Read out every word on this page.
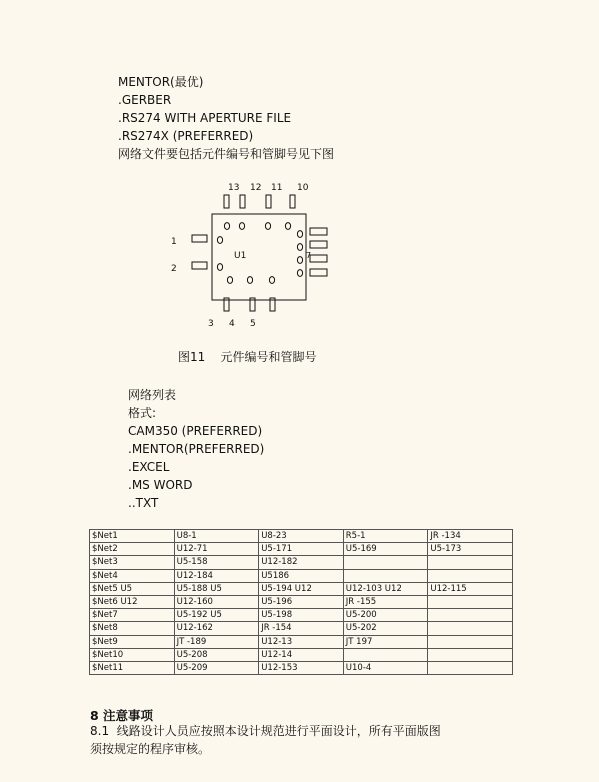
MENTOR(最优)
.GERBER
.RS274 WITH APERTURE FILE
.RS274X (PREFERRED)
网络文件要包括元件编号和管脚号见下图
13 12 11 10
1
2
3 4 5
7
U1
图11    元件编号和管脚号
网络列表
格式:
CAM350 (PREFERRED)
.MENTOR(PREFERRED)
.EXCEL
.MS WORD
..TXT
$Net1	U8-1	U8-23	R5-1	JR -134
$Net2	U12-71	U5-171	U5-169	U5-173
$Net3	U5-158	U12-182		
$Net4	U12-184	U5186		
$Net5 U5	U5-188 U5	U5-194 U12	U12-103 U12	U12-115
$Net6 U12	U12-160	U5-196	JR -155	
$Net7	U5-192 U5	U5-198	U5-200	
$Net8	U12-162	JR -154	U5-202	
$Net9	JT -189	U12-13	JT 197	
$Net10	U5-208	U12-14		
$Net11	U5-209	U12-153	U10-4	
8 注意事项
8.1  线路设计人员应按照本设计规范进行平面设计，所有平面版图
须按规定的程序审核。
